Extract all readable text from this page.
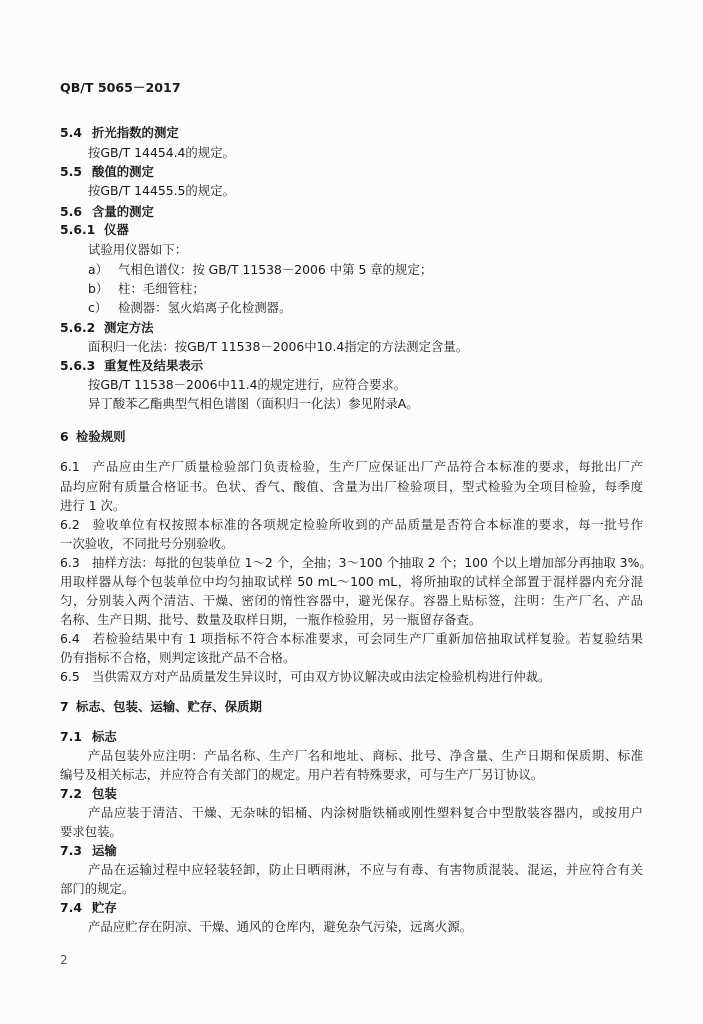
QB/T 5065－2017
5.4 折光指数的测定
按GB/T 14454.4的规定。
5.5 酸值的测定
按GB/T 14455.5的规定。
5.6 含量的测定
5.6.1 仪器
试验用仪器如下：
a） 气相色谱仪：按 GB/T 11538－2006 中第 5 章的规定；
b） 柱：毛细管柱；
c） 检测器：氢火焰离子化检测器。
5.6.2 测定方法
面积归一化法：按GB/T 11538－2006中10.4指定的方法测定含量。
5.6.3 重复性及结果表示
按GB/T 11538－2006中11.4的规定进行，应符合要求。
异丁酸苯乙酯典型气相色谱图（面积归一化法）参见附录A。
6 检验规则
6.1 产品应由生产厂质量检验部门负责检验，生产厂应保证出厂产品符合本标准的要求，每批出厂产
品均应附有质量合格证书。色状、香气、酸值、含量为出厂检验项目，型式检验为全项目检验，每季度
进行 1 次。
6.2 验收单位有权按照本标准的各项规定检验所收到的产品质量是否符合本标准的要求，每一批号作
一次验收，不同批号分别验收。
6.3 抽样方法：每批的包装单位 1～2 个，全抽；3～100 个抽取 2 个；100 个以上增加部分再抽取 3%。
用取样器从每个包装单位中均匀抽取试样 50 mL～100 mL，将所抽取的试样全部置于混样器内充分混
匀，分别装入两个清洁、干燥、密闭的惰性容器中，避光保存。容器上贴标签，注明：生产厂名、产品
名称、生产日期、批号、数量及取样日期，一瓶作检验用，另一瓶留存备查。
6.4 若检验结果中有 1 项指标不符合本标准要求，可会同生产厂重新加倍抽取试样复验。若复验结果
仍有指标不合格，则判定该批产品不合格。
6.5 当供需双方对产品质量发生异议时，可由双方协议解决或由法定检验机构进行仲裁。
7 标志、包装、运输、贮存、保质期
7.1 标志
产品包装外应注明：产品名称、生产厂名和地址、商标、批号、净含量、生产日期和保质期、标准
编号及相关标志，并应符合有关部门的规定。用户若有特殊要求，可与生产厂另订协议。
7.2 包装
产品应装于清洁、干燥、无杂味的铝桶、内涂树脂铁桶或刚性塑料复合中型散装容器内，或按用户
要求包装。
7.3 运输
产品在运输过程中应轻装轻卸，防止日晒雨淋，不应与有毒、有害物质混装、混运，并应符合有关
部门的规定。
7.4 贮存
产品应贮存在阴凉、干燥、通风的仓库内，避免杂气污染，远离火源。
2
